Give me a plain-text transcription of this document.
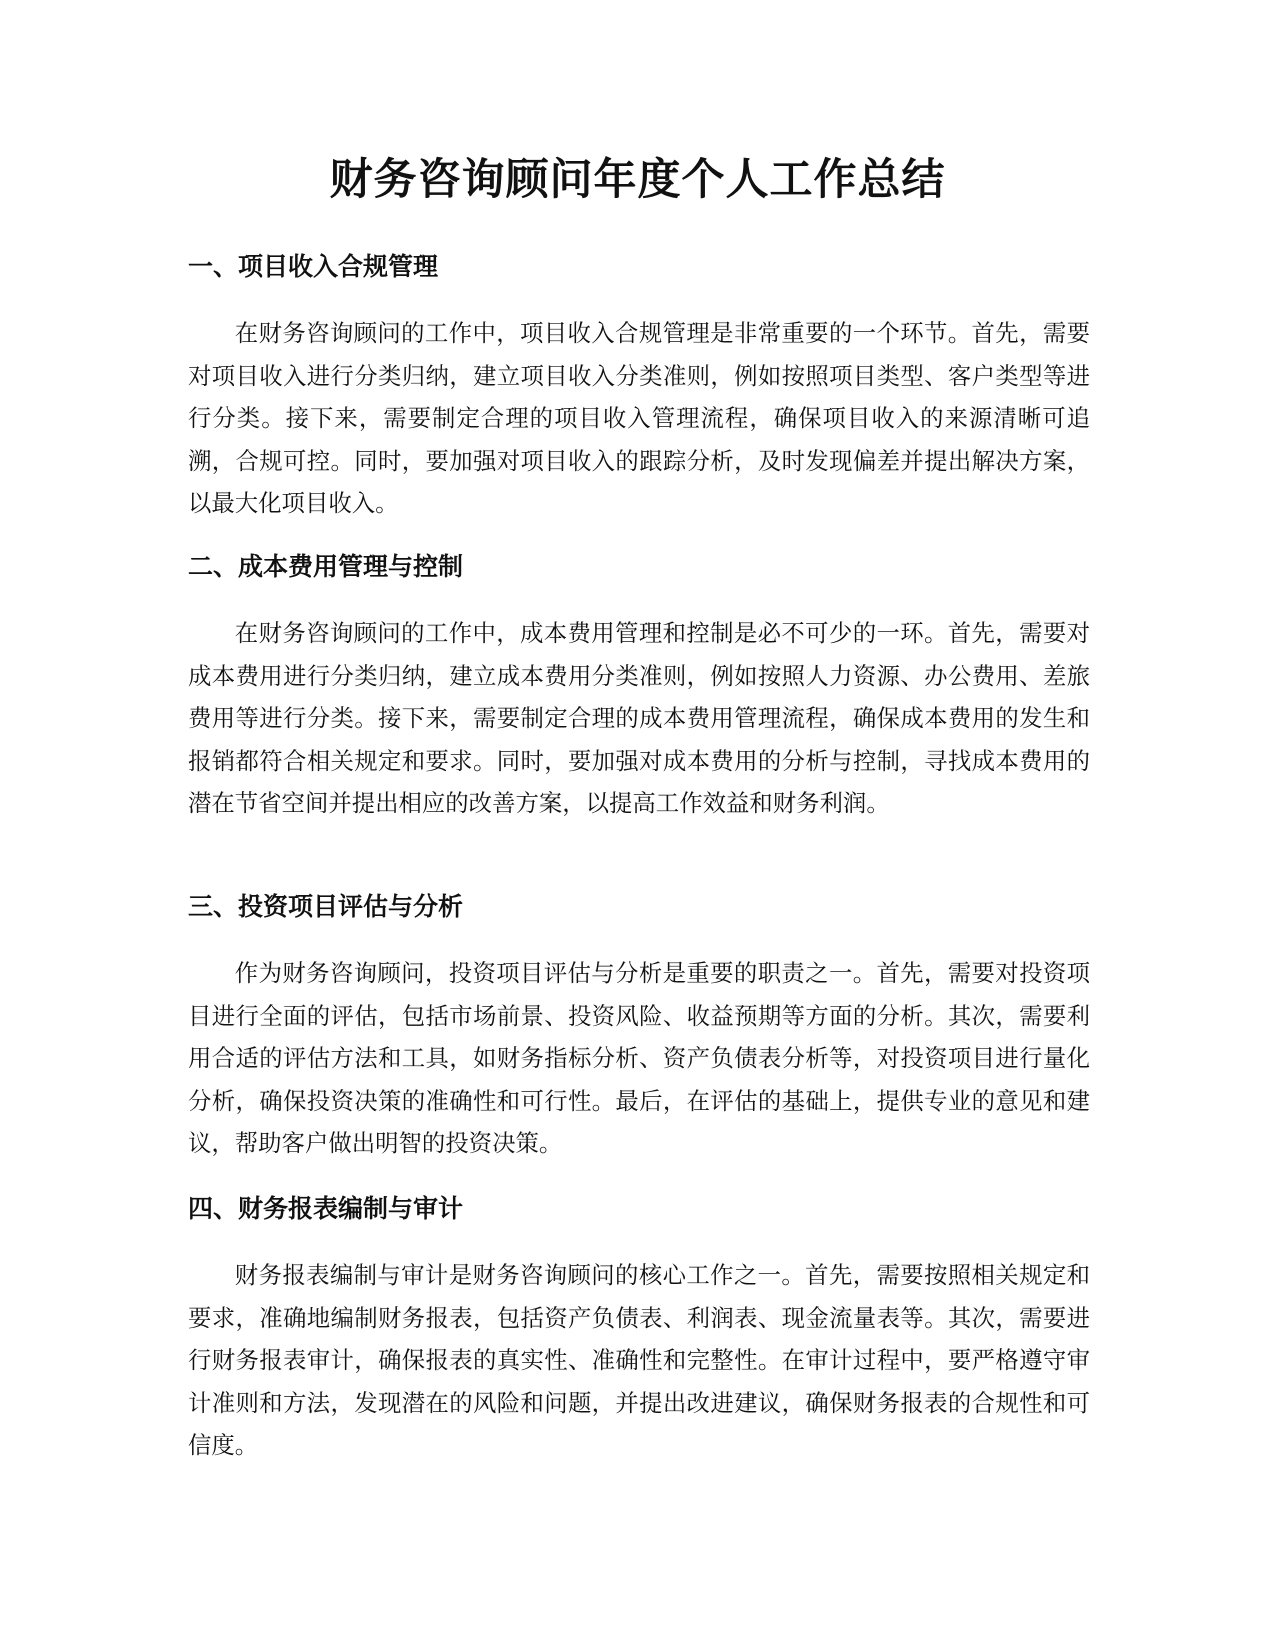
财务咨询顾问年度个人工作总结
一、项目收入合规管理

在财务咨询顾问的工作中，项目收入合规管理是非常重要的一个环节。首先，需要对项目收入进行分类归纳，建立项目收入分类准则，例如按照项目类型、客户类型等进行分类。接下来，需要制定合理的项目收入管理流程，确保项目收入的来源清晰可追溯，合规可控。同时，要加强对项目收入的跟踪分析，及时发现偏差并提出解决方案，以最大化项目收入。

二、成本费用管理与控制

在财务咨询顾问的工作中，成本费用管理和控制是必不可少的一环。首先，需要对成本费用进行分类归纳，建立成本费用分类准则，例如按照人力资源、办公费用、差旅费用等进行分类。接下来，需要制定合理的成本费用管理流程，确保成本费用的发生和报销都符合相关规定和要求。同时，要加强对成本费用的分析与控制，寻找成本费用的潜在节省空间并提出相应的改善方案，以提高工作效益和财务利润。

三、投资项目评估与分析

作为财务咨询顾问，投资项目评估与分析是重要的职责之一。首先，需要对投资项目进行全面的评估，包括市场前景、投资风险、收益预期等方面的分析。其次，需要利用合适的评估方法和工具，如财务指标分析、资产负债表分析等，对投资项目进行量化分析，确保投资决策的准确性和可行性。最后，在评估的基础上，提供专业的意见和建议，帮助客户做出明智的投资决策。

四、财务报表编制与审计

财务报表编制与审计是财务咨询顾问的核心工作之一。首先，需要按照相关规定和要求，准确地编制财务报表，包括资产负债表、利润表、现金流量表等。其次，需要进行财务报表审计，确保报表的真实性、准确性和完整性。在审计过程中，要严格遵守审计准则和方法，发现潜在的风险和问题，并提出改进建议，确保财务报表的合规性和可信度。
